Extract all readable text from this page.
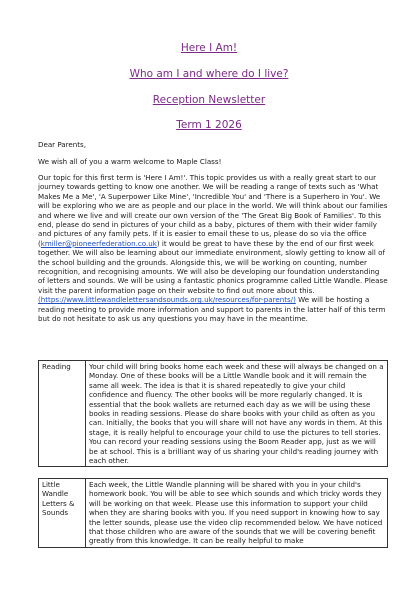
Here I Am!
Who am I and where do I live?
Reception Newsletter
Term 1 2026

Dear Parents,

We wish all of you a warm welcome to Maple Class!

Our topic for this first term is 'Here I Am!'. This topic provides us with a really great start to our journey towards getting to know one another. We will be reading a range of texts such as 'What Makes Me a Me', 'A Superpower Like Mine', 'Incredible You' and 'There is a Superhero in You'. We will be exploring who we are as people and our place in the world. We will think about our families and where we live and will create our own version of the 'The Great Big Book of Families'. To this end, please do send in pictures of your child as a baby, pictures of them with their wider family and pictures of any family pets. If it is easier to email these to us, please do so via the office (kmiller@pioneerfederation.co.uk) it would be great to have these by the end of our first week together. We will also be learning about our immediate environment, slowly getting to know all of the school building and the grounds. Alongside this, we will be working on counting, number recognition, and recognising amounts. We will also be developing our foundation understanding of letters and sounds. We will be using a fantastic phonics programme called Little Wandle. Please visit the parent information page on their website to find out more about this. (https://www.littlewandlelettersandsounds.org.uk/resources/for-parents/) We will be hosting a reading meeting to provide more information and support to parents in the latter half of this term but do not hesitate to ask us any questions you may have in the meantime.

Reading	Your child will bring books home each week and these will always be changed on a Monday. One of these books will be a Little Wandle book and it will remain the same all week. The idea is that it is shared repeatedly to give your child confidence and fluency. The other books will be more regularly changed. It is essential that the book wallets are returned each day as we will be using these books in reading sessions. Please do share books with your child as often as you can. Initially, the books that you will share will not have any words in them. At this stage, it is really helpful to encourage your child to use the pictures to tell stories. You can record your reading sessions using the Boom Reader app, just as we will be at school. This is a brilliant way of us sharing your child's reading journey with each other.
Little Wandle Letters & Sounds	Each week, the Little Wandle planning will be shared with you in your child's homework book. You will be able to see which sounds and which tricky words they will be working on that week. Please use this information to support your child when they are sharing books with you. If you need support in knowing how to say the letter sounds, please use the video clip recommended below. We have noticed that those children who are aware of the sounds that we will be covering benefit greatly from this knowledge. It can be really helpful to make
